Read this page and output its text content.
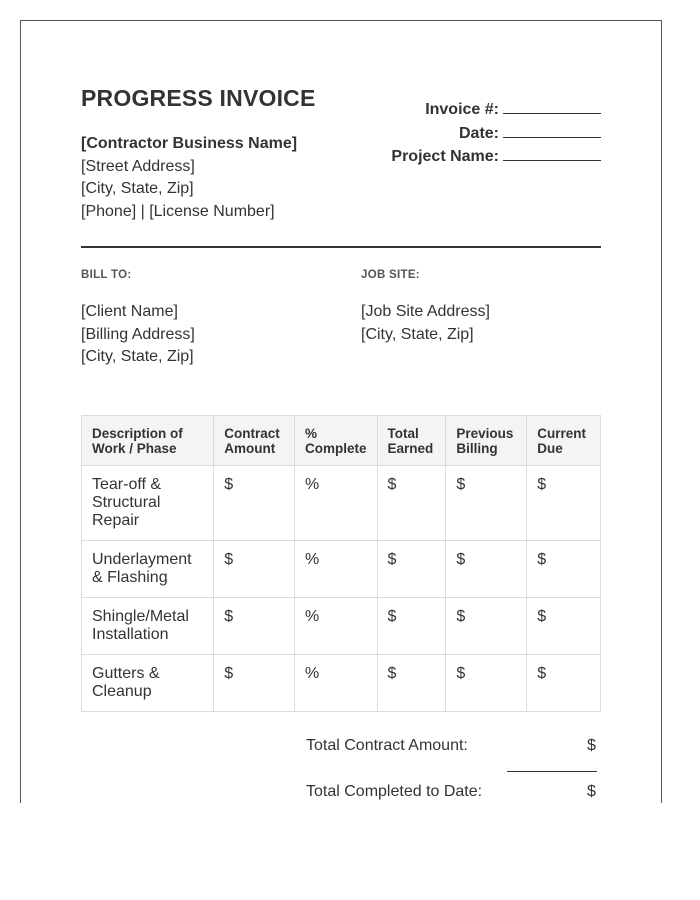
PROGRESS INVOICE
[Contractor Business Name]
[Street Address]
[City, State, Zip]
[Phone] | [License Number]
Invoice #:
Date:
Project Name:
BILL TO:
[Client Name]
[Billing Address]
[City, State, Zip]
JOB SITE:
[Job Site Address]
[City, State, Zip]
Description of Work / Phase	Contract Amount	% Complete	Total Earned	Previous Billing	Current Due
Tear-off & Structural Repair	$	%	$	$	$
Underlayment & Flashing	$	%	$	$	$
Shingle/Metal Installation	$	%	$	$	$
Gutters & Cleanup	$	%	$	$	$
Total Contract Amount:	$
Total Completed to Date:	$
